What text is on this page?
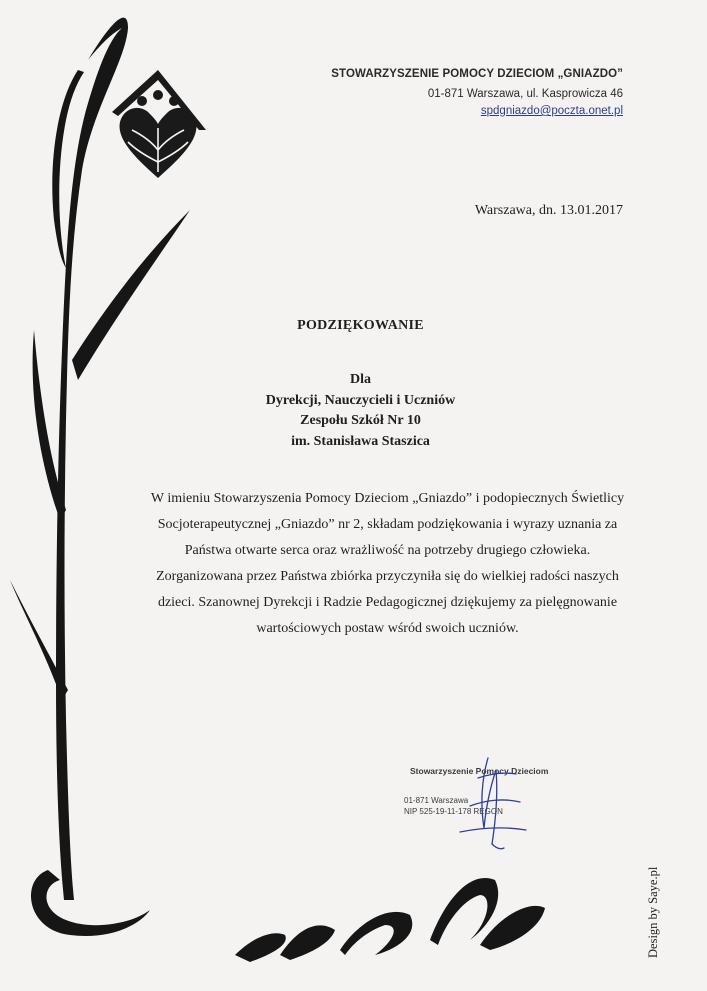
STOWARZYSZENIE POMOCY DZIECIOM „GNIAZDO”
01-871 Warszawa, ul. Kasprowicza 46
spdgniazdo@poczta.onet.pl
Warszawa, dn. 13.01.2017
PODZIĘKOWANIE
Dla
Dyrekcji, Nauczycieli i Uczniów
Zespołu Szkół Nr 10
im. Stanisława Staszica
W imieniu Stowarzyszenia Pomocy Dzieciom „Gniazdo” i podopiecznych Świetlicy
Socjoterapeutycznej „Gniazdo” nr 2, składam podziękowania i wyrazy uznania za
Państwa otwarte serca oraz wrażliwość na potrzeby drugiego człowieka.
Zorganizowana przez Państwa zbiórka przyczyniła się do wielkiej radości naszych
dzieci. Szanownej Dyrekcji i Radzie Pedagogicznej dziękujemy za pielęgnowanie
wartościowych postaw wśród swoich uczniów.
Stowarzyszenie Pomocy Dzieciom
01-871 Warszawa
NIP 525-19-11-178 REGON
Design by Saye.pl
